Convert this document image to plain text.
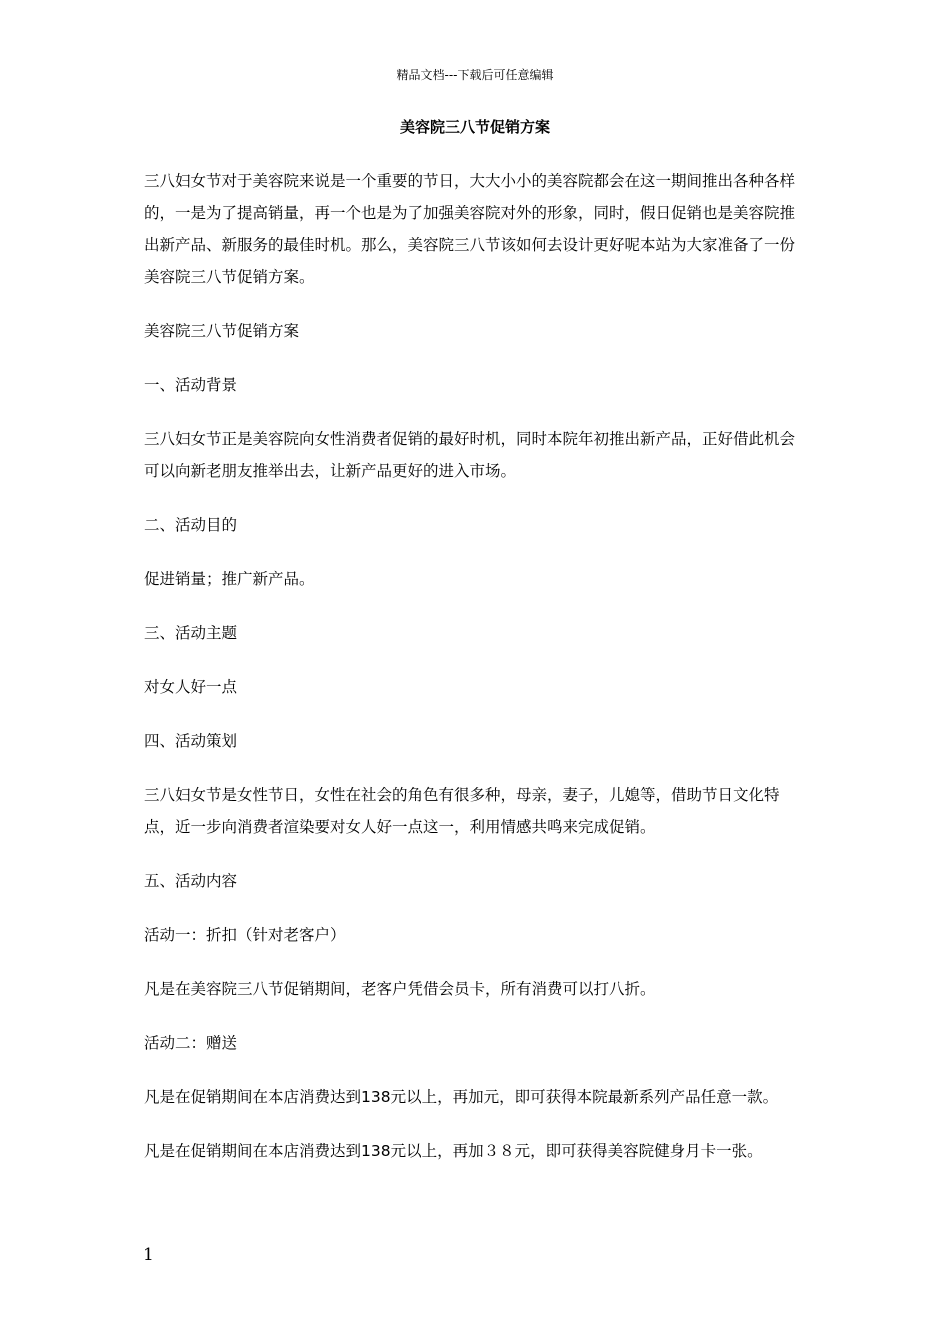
精品文档---下载后可任意编辑
美容院三八节促销方案

三八妇女节对于美容院来说是一个重要的节日，大大小小的美容院都会在这一期间推出各种各样的，一是为了提高销量，再一个也是为了加强美容院对外的形象，同时，假日促销也是美容院推出新产品、新服务的最佳时机。那么，美容院三八节该如何去设计更好呢本站为大家准备了一份美容院三八节促销方案。

美容院三八节促销方案

一、活动背景

三八妇女节正是美容院向女性消费者促销的最好时机，同时本院年初推出新产品，正好借此机会可以向新老朋友推举出去，让新产品更好的进入市场。

二、活动目的

促进销量；推广新产品。

三、活动主题

对女人好一点

四、活动策划

三八妇女节是女性节日，女性在社会的角色有很多种，母亲，妻子，儿媳等，借助节日文化特点，近一步向消费者渲染要对女人好一点这一，利用情感共鸣来完成促销。

五、活动内容

活动一：折扣（针对老客户）

凡是在美容院三八节促销期间，老客户凭借会员卡，所有消费可以打八折。

活动二：赠送

凡是在促销期间在本店消费达到138元以上，再加元，即可获得本院最新系列产品任意一款。

凡是在促销期间在本店消费达到138元以上，再加３８元，即可获得美容院健身月卡一张。

1
